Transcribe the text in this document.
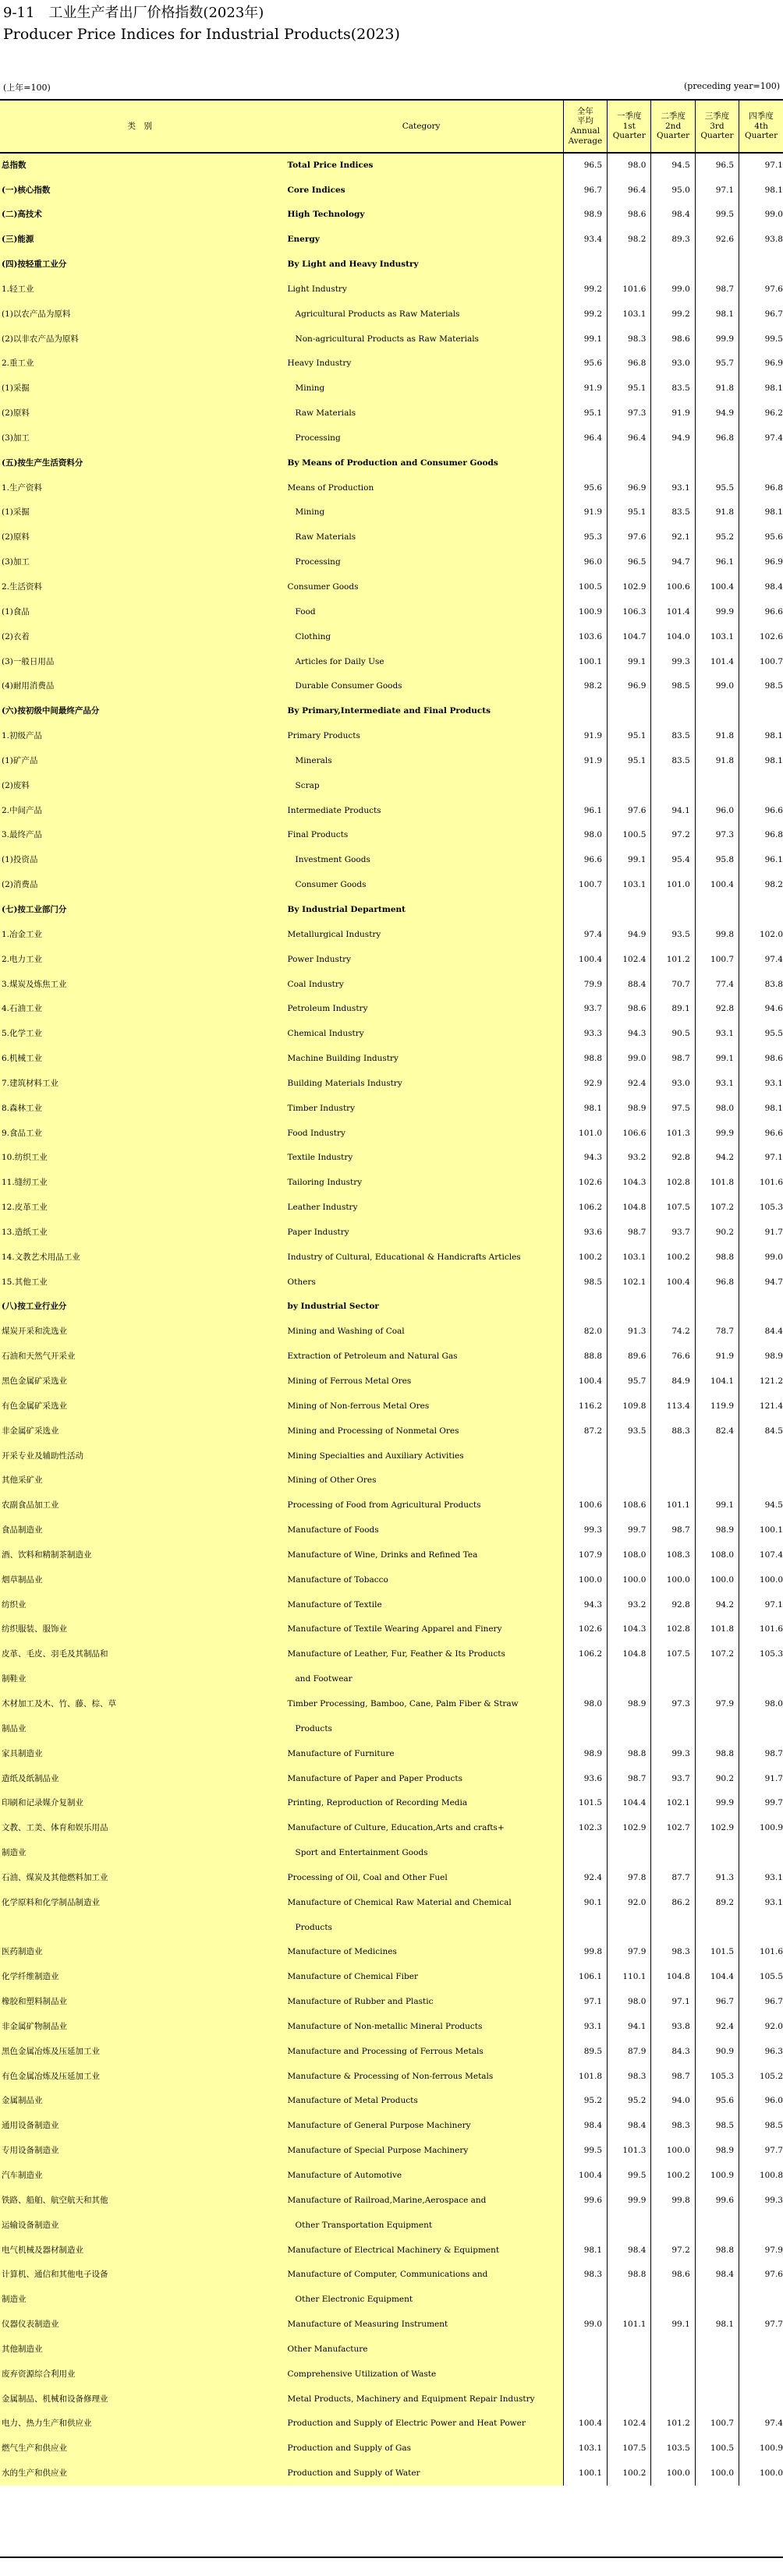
9-11　工业生产者出厂价格指数(2023年)
Producer Price Indices for Industrial Products(2023)
(上年=100)	(preceding year=100)
类　别	Category	全年
平均
Annual
Average	一季度
1st
Quarter	二季度
2nd
Quarter	三季度
3rd
Quarter	四季度
4th
Quarter
总指数	Total Price Indices	96.5	98.0	94.5	96.5	97.1
(一)核心指数	Core Indices	96.7	96.4	95.0	97.1	98.1
(二)高技术	High Technology	98.9	98.6	98.4	99.5	99.0
(三)能源	Energy	93.4	98.2	89.3	92.6	93.8
(四)按轻重工业分	By Light and Heavy Industry					
1.轻工业	Light Industry	99.2	101.6	99.0	98.7	97.6
(1)以农产品为原料	Agricultural Products as Raw Materials	99.2	103.1	99.2	98.1	96.7
(2)以非农产品为原料	Non-agricultural Products as Raw Materials	99.1	98.3	98.6	99.9	99.5
2.重工业	Heavy Industry	95.6	96.8	93.0	95.7	96.9
(1)采掘	Mining	91.9	95.1	83.5	91.8	98.1
(2)原料	Raw Materials	95.1	97.3	91.9	94.9	96.2
(3)加工	Processing	96.4	96.4	94.9	96.8	97.4
(五)按生产生活资料分	By Means of Production and Consumer Goods					
1.生产资料	Means of Production	95.6	96.9	93.1	95.5	96.8
(1)采掘	Mining	91.9	95.1	83.5	91.8	98.1
(2)原料	Raw Materials	95.3	97.6	92.1	95.2	95.6
(3)加工	Processing	96.0	96.5	94.7	96.1	96.9
2.生活资料	Consumer Goods	100.5	102.9	100.6	100.4	98.4
(1)食品	Food	100.9	106.3	101.4	99.9	96.6
(2)衣着	Clothing	103.6	104.7	104.0	103.1	102.6
(3)一般日用品	Articles for Daily Use	100.1	99.1	99.3	101.4	100.7
(4)耐用消费品	Durable Consumer Goods	98.2	96.9	98.5	99.0	98.5
(六)按初级中间最终产品分	By Primary,Intermediate and Final Products					
1.初级产品	Primary Products	91.9	95.1	83.5	91.8	98.1
(1)矿产品	Minerals	91.9	95.1	83.5	91.8	98.1
(2)废料	Scrap					
2.中间产品	Intermediate Products	96.1	97.6	94.1	96.0	96.6
3.最终产品	Final Products	98.0	100.5	97.2	97.3	96.8
(1)投资品	Investment Goods	96.6	99.1	95.4	95.8	96.1
(2)消费品	Consumer Goods	100.7	103.1	101.0	100.4	98.2
(七)按工业部门分	By Industrial Department					
1.冶金工业	Metallurgical Industry	97.4	94.9	93.5	99.8	102.0
2.电力工业	Power Industry	100.4	102.4	101.2	100.7	97.4
3.煤炭及炼焦工业	Coal Industry	79.9	88.4	70.7	77.4	83.8
4.石油工业	Petroleum Industry	93.7	98.6	89.1	92.8	94.6
5.化学工业	Chemical Industry	93.3	94.3	90.5	93.1	95.5
6.机械工业	Machine Building Industry	98.8	99.0	98.7	99.1	98.6
7.建筑材料工业	Building Materials Industry	92.9	92.4	93.0	93.1	93.1
8.森林工业	Timber Industry	98.1	98.9	97.5	98.0	98.1
9.食品工业	Food Industry	101.0	106.6	101.3	99.9	96.6
10.纺织工业	Textile Industry	94.3	93.2	92.8	94.2	97.1
11.缝纫工业	Tailoring Industry	102.6	104.3	102.8	101.8	101.6
12.皮革工业	Leather Industry	106.2	104.8	107.5	107.2	105.3
13.造纸工业	Paper Industry	93.6	98.7	93.7	90.2	91.7
14.文教艺术用品工业	Industry of Cultural, Educational & Handicrafts Articles	100.2	103.1	100.2	98.8	99.0
15.其他工业	Others	98.5	102.1	100.4	96.8	94.7
(八)按工业行业分	by Industrial Sector					
煤炭开采和洗选业	Mining and Washing of Coal	82.0	91.3	74.2	78.7	84.4
石油和天然气开采业	Extraction of Petroleum and Natural Gas	88.8	89.6	76.6	91.9	98.9
黑色金属矿采选业	Mining of Ferrous Metal Ores	100.4	95.7	84.9	104.1	121.2
有色金属矿采选业	Mining of Non-ferrous Metal Ores	116.2	109.8	113.4	119.9	121.4
非金属矿采选业	Mining and Processing of Nonmetal Ores	87.2	93.5	88.3	82.4	84.5
开采专业及辅助性活动	Mining Specialties and Auxiliary Activities					
其他采矿业	Mining of Other Ores					
农副食品加工业	Processing of Food from Agricultural Products	100.6	108.6	101.1	99.1	94.5
食品制造业	Manufacture of Foods	99.3	99.7	98.7	98.9	100.1
酒、饮料和精制茶制造业	Manufacture of Wine, Drinks and Refined Tea	107.9	108.0	108.3	108.0	107.4
烟草制品业	Manufacture of Tobacco	100.0	100.0	100.0	100.0	100.0
纺织业	Manufacture of Textile	94.3	93.2	92.8	94.2	97.1
纺织服装、服饰业	Manufacture of Textile Wearing Apparel and Finery	102.6	104.3	102.8	101.8	101.6
皮革、毛皮、羽毛及其制品和	Manufacture of Leather, Fur, Feather & Its Products	106.2	104.8	107.5	107.2	105.3
制鞋业	and Footwear					
木材加工及木、竹、藤、棕、草	Timber Processing, Bamboo, Cane, Palm Fiber & Straw	98.0	98.9	97.3	97.9	98.0
制品业	Products					
家具制造业	Manufacture of Furniture	98.9	98.8	99.3	98.8	98.7
造纸及纸制品业	Manufacture of Paper and Paper Products	93.6	98.7	93.7	90.2	91.7
印刷和记录媒介复制业	Printing, Reproduction of Recording Media	101.5	104.4	102.1	99.9	99.7
文教、工美、体育和娱乐用品	Manufacture of Culture, Education,Arts and crafts+	102.3	102.9	102.7	102.9	100.9
制造业	Sport and Entertainment Goods					
石油、煤炭及其他燃料加工业	Processing of Oil, Coal and Other Fuel	92.4	97.8	87.7	91.3	93.1
化学原料和化学制品制造业	Manufacture of Chemical Raw Material and Chemical	90.1	92.0	86.2	89.2	93.1
	Products					
医药制造业	Manufacture of Medicines	99.8	97.9	98.3	101.5	101.6
化学纤维制造业	Manufacture of Chemical Fiber	106.1	110.1	104.8	104.4	105.5
橡胶和塑料制品业	Manufacture of Rubber and Plastic	97.1	98.0	97.1	96.7	96.7
非金属矿物制品业	Manufacture of Non-metallic Mineral Products	93.1	94.1	93.8	92.4	92.0
黑色金属冶炼及压延加工业	Manufacture and Processing of Ferrous Metals	89.5	87.9	84.3	90.9	96.3
有色金属冶炼及压延加工业	Manufacture & Processing of Non-ferrous Metals	101.8	98.3	98.7	105.3	105.2
金属制品业	Manufacture of Metal Products	95.2	95.2	94.0	95.6	96.0
通用设备制造业	Manufacture of General Purpose Machinery	98.4	98.4	98.3	98.5	98.5
专用设备制造业	Manufacture of Special Purpose Machinery	99.5	101.3	100.0	98.9	97.7
汽车制造业	Manufacture of Automotive	100.4	99.5	100.2	100.9	100.8
铁路、船舶、航空航天和其他	Manufacture of Railroad,Marine,Aerospace and	99.6	99.9	99.8	99.6	99.3
运输设备制造业	Other Transportation Equipment					
电气机械及器材制造业	Manufacture of Electrical Machinery & Equipment	98.1	98.4	97.2	98.8	97.9
计算机、通信和其他电子设备	Manufacture of Computer, Communications and	98.3	98.8	98.6	98.4	97.6
制造业	Other Electronic Equipment					
仪器仪表制造业	Manufacture of Measuring Instrument	99.0	101.1	99.1	98.1	97.7
其他制造业	Other Manufacture					
废弃资源综合利用业	Comprehensive Utilization of Waste					
金属制品、机械和设备修理业	Metal Products, Machinery and Equipment Repair Industry					
电力、热力生产和供应业	Production and Supply of Electric Power and Heat Power	100.4	102.4	101.2	100.7	97.4
燃气生产和供应业	Production and Supply of Gas	103.1	107.5	103.5	100.5	100.9
水的生产和供应业	Production and Supply of Water	100.1	100.2	100.0	100.0	100.0
